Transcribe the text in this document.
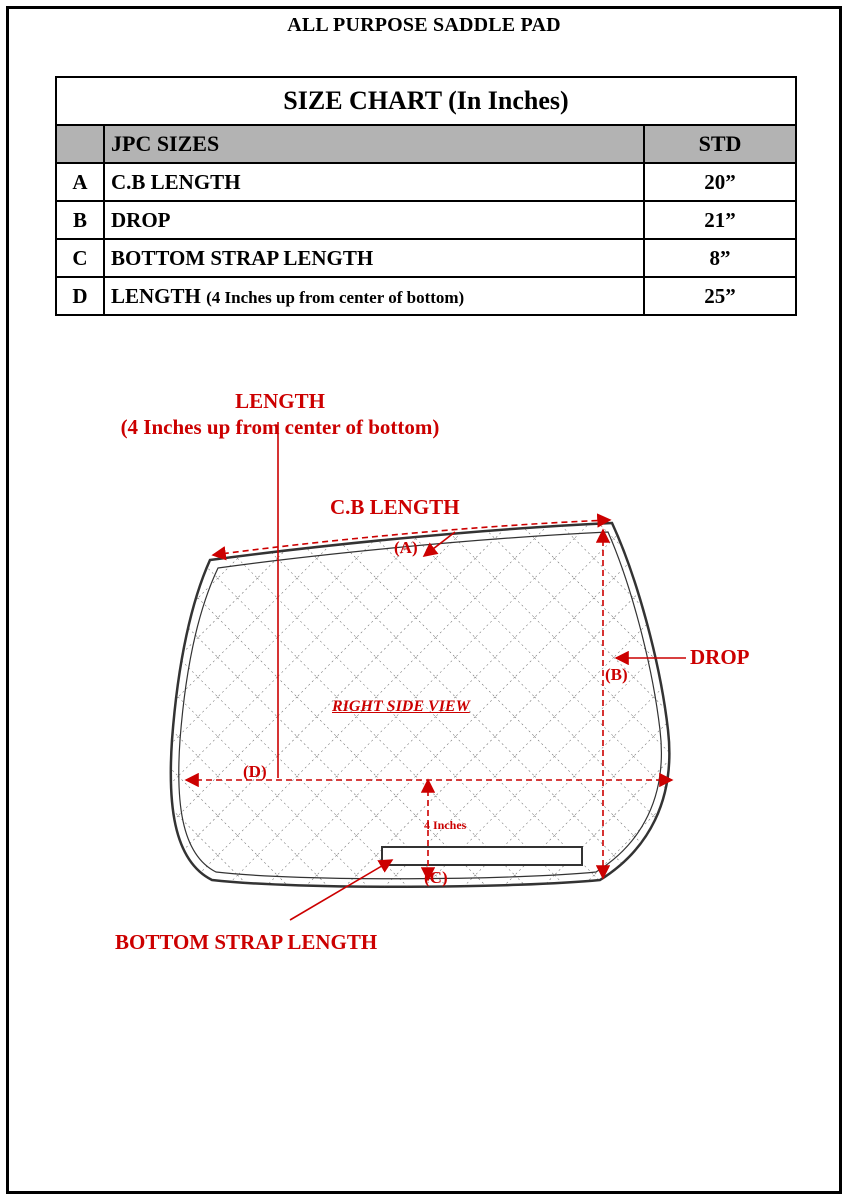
ALL PURPOSE SADDLE PAD
SIZE CHART (In Inches)		
	JPC SIZES	STD
A	C.B LENGTH	20”
B	DROP	21”
C	BOTTOM STRAP LENGTH	8”
D	LENGTH (4 Inches up from center of bottom)	25”
LENGTH
(4 Inches up from center of bottom)
C.B LENGTH
(A)
(B)
(C)
(D)
DROP
BOTTOM STRAP LENGTH
RIGHT SIDE VIEW
4 Inches
